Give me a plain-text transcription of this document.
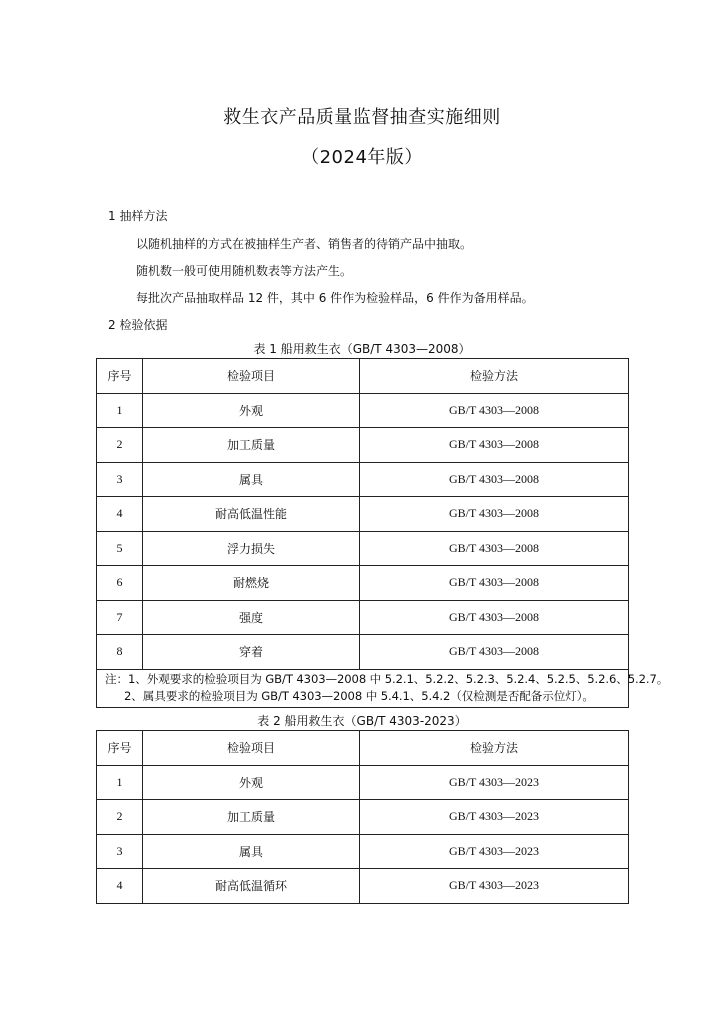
救生衣产品质量监督抽查实施细则
（2024年版）
1 抽样方法
以随机抽样的方式在被抽样生产者、销售者的待销产品中抽取。
随机数一般可使用随机数表等方法产生。
每批次产品抽取样品 12 件，其中 6 件作为检验样品，6 件作为备用样品。
2 检验依据
表 1 船用救生衣（GB/T 4303—2008）
序号	检验项目	检验方法
1	外观	GB/T 4303—2008
2	加工质量	GB/T 4303—2008
3	属具	GB/T 4303—2008
4	耐高低温性能	GB/T 4303—2008
5	浮力损失	GB/T 4303—2008
6	耐燃烧	GB/T 4303—2008
7	强度	GB/T 4303—2008
8	穿着	GB/T 4303—2008

注：1、外观要求的检验项目为 GB/T 4303—2008 中 5.2.1、5.2.2、5.2.3、5.2.4、5.2.5、5.2.6、5.2.7。
2、属具要求的检验项目为 GB/T 4303—2008 中 5.4.1、5.4.2（仅检测是否配备示位灯）。		
表 2 船用救生衣（GB/T 4303-2023）
序号	检验项目	检验方法
1	外观	GB/T 4303—2023
2	加工质量	GB/T 4303—2023
3	属具	GB/T 4303—2023
4	耐高低温循环	GB/T 4303—2023
